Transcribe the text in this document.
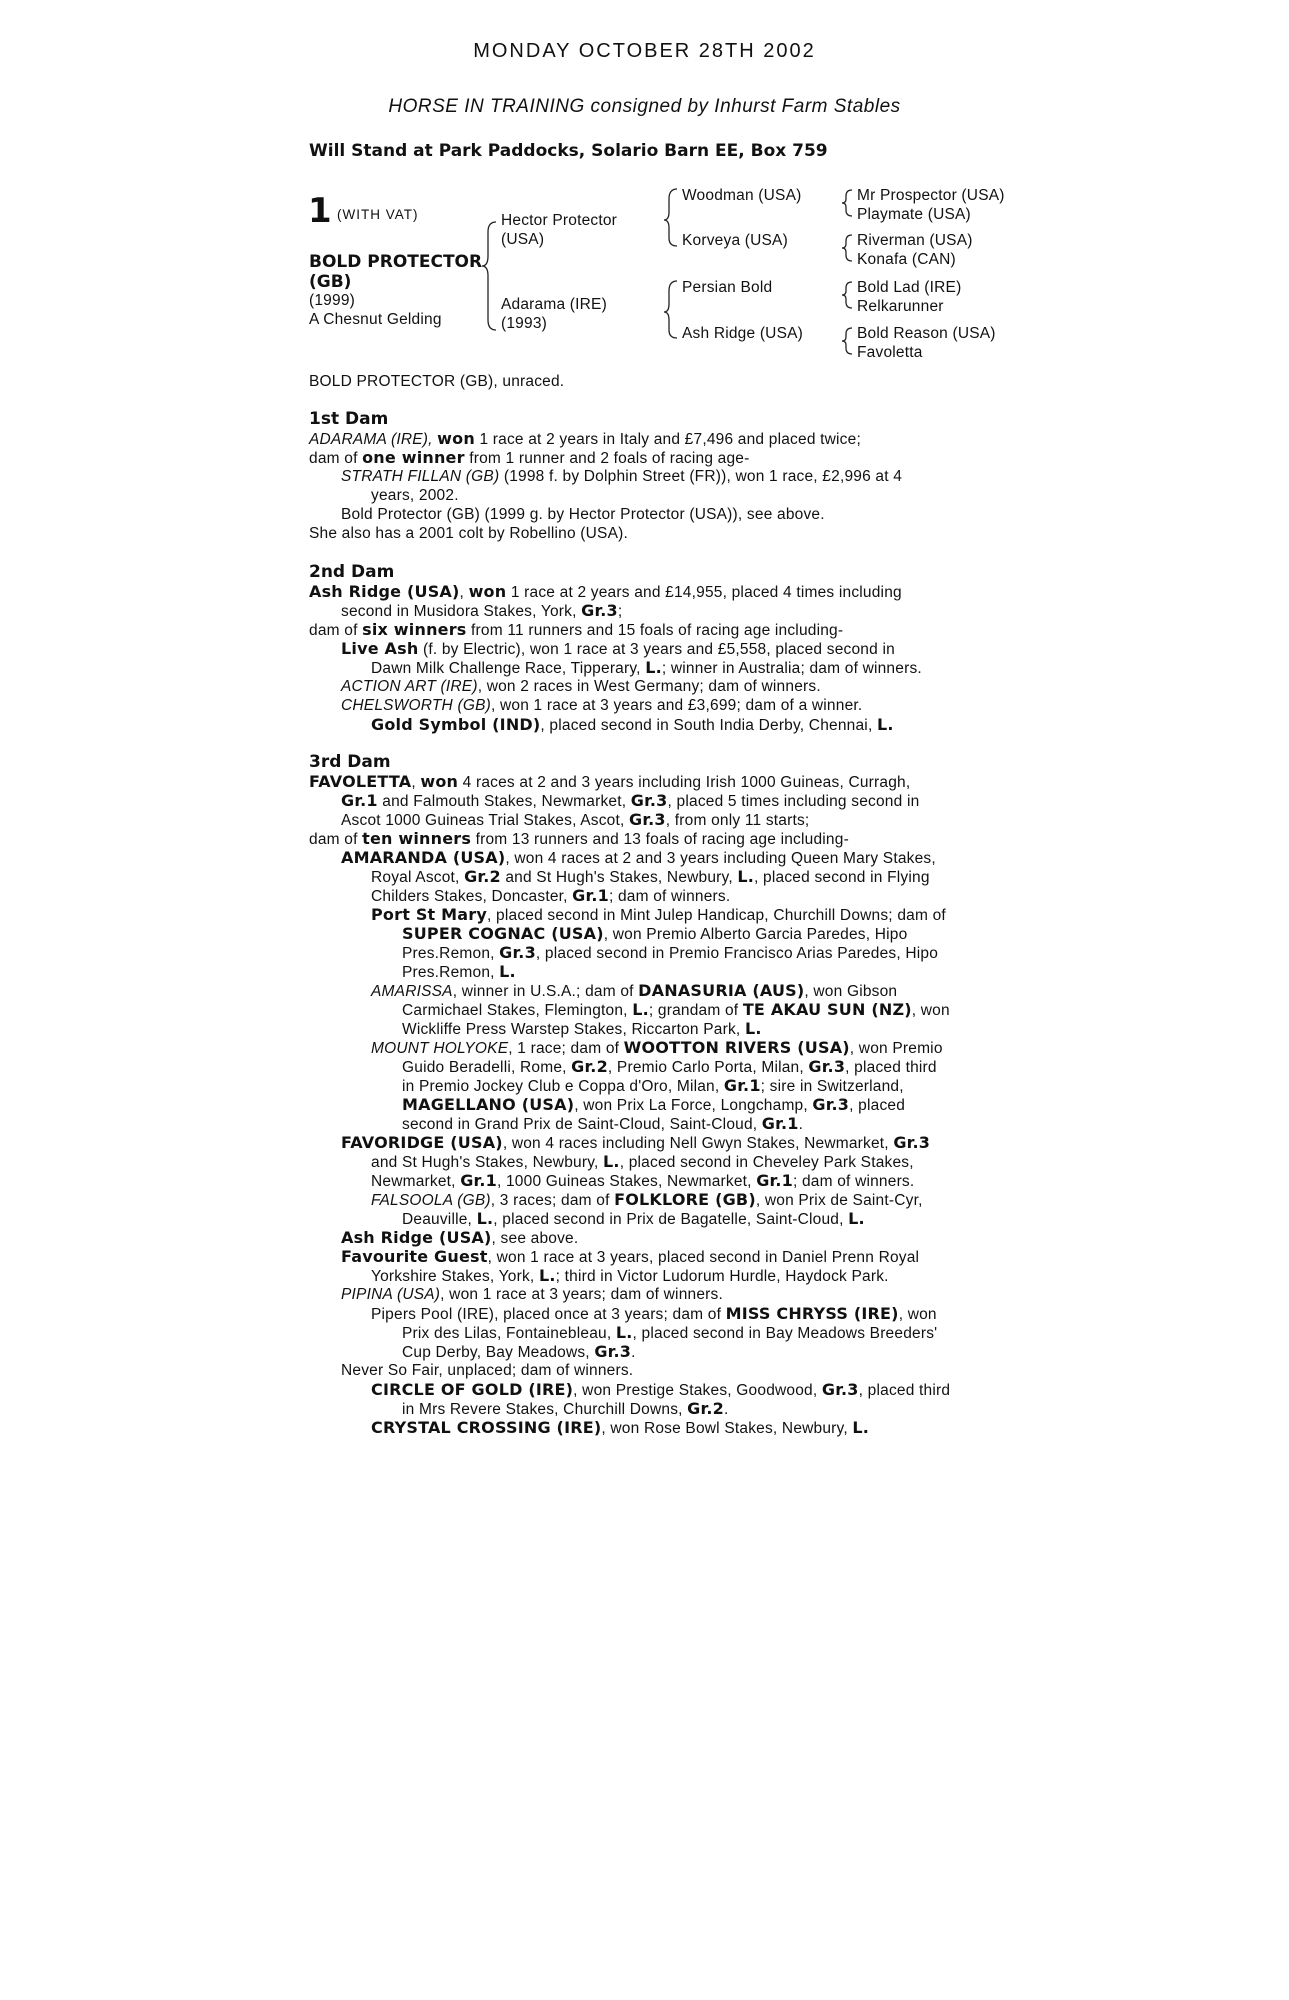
MONDAY OCTOBER 28TH 2002
HORSE IN TRAINING consigned by Inhurst Farm Stables
Will Stand at Park Paddocks, Solario Barn EE, Box 759
1 (WITH VAT)
BOLD PROTECTOR
(GB)
(1999)
A Chesnut Gelding
Hector Protector
(USA)
Adarama (IRE)
(1993)
Woodman (USA)
Korveya (USA)
Persian Bold
Ash Ridge (USA)
Mr Prospector (USA)
Playmate (USA)
Riverman (USA)
Konafa (CAN)
Bold Lad (IRE)
Relkarunner
Bold Reason (USA)
Favoletta
BOLD PROTECTOR (GB), unraced.
1st Dam
ADARAMA (IRE), won 1 race at 2 years in Italy and £7,496 and placed twice;
dam of one winner from 1 runner and 2 foals of racing age-
STRATH FILLAN (GB) (1998 f. by Dolphin Street (FR)), won 1 race, £2,996 at 4
years, 2002.
Bold Protector (GB) (1999 g. by Hector Protector (USA)), see above.
She also has a 2001 colt by Robellino (USA).
2nd Dam
Ash Ridge (USA), won 1 race at 2 years and £14,955, placed 4 times including
second in Musidora Stakes, York, Gr.3;
dam of six winners from 11 runners and 15 foals of racing age including-
Live Ash (f. by Electric), won 1 race at 3 years and £5,558, placed second in
Dawn Milk Challenge Race, Tipperary, L.; winner in Australia; dam of winners.
ACTION ART (IRE), won 2 races in West Germany; dam of winners.
CHELSWORTH (GB), won 1 race at 3 years and £3,699; dam of a winner.
Gold Symbol (IND), placed second in South India Derby, Chennai, L.
3rd Dam
FAVOLETTA, won 4 races at 2 and 3 years including Irish 1000 Guineas, Curragh,
Gr.1 and Falmouth Stakes, Newmarket, Gr.3, placed 5 times including second in
Ascot 1000 Guineas Trial Stakes, Ascot, Gr.3, from only 11 starts;
dam of ten winners from 13 runners and 13 foals of racing age including-
AMARANDA (USA), won 4 races at 2 and 3 years including Queen Mary Stakes,
Royal Ascot, Gr.2 and St Hugh's Stakes, Newbury, L., placed second in Flying
Childers Stakes, Doncaster, Gr.1; dam of winners.
Port St Mary, placed second in Mint Julep Handicap, Churchill Downs; dam of
SUPER COGNAC (USA), won Premio Alberto Garcia Paredes, Hipo
Pres.Remon, Gr.3, placed second in Premio Francisco Arias Paredes, Hipo
Pres.Remon, L.
AMARISSA, winner in U.S.A.; dam of DANASURIA (AUS), won Gibson
Carmichael Stakes, Flemington, L.; grandam of TE AKAU SUN (NZ), won
Wickliffe Press Warstep Stakes, Riccarton Park, L.
MOUNT HOLYOKE, 1 race; dam of WOOTTON RIVERS (USA), won Premio
Guido Beradelli, Rome, Gr.2, Premio Carlo Porta, Milan, Gr.3, placed third
in Premio Jockey Club e Coppa d'Oro, Milan, Gr.1; sire in Switzerland,
MAGELLANO (USA), won Prix La Force, Longchamp, Gr.3, placed
second in Grand Prix de Saint-Cloud, Saint-Cloud, Gr.1.
FAVORIDGE (USA), won 4 races including Nell Gwyn Stakes, Newmarket, Gr.3
and St Hugh's Stakes, Newbury, L., placed second in Cheveley Park Stakes,
Newmarket, Gr.1, 1000 Guineas Stakes, Newmarket, Gr.1; dam of winners.
FALSOOLA (GB), 3 races; dam of FOLKLORE (GB), won Prix de Saint-Cyr,
Deauville, L., placed second in Prix de Bagatelle, Saint-Cloud, L.
Ash Ridge (USA), see above.
Favourite Guest, won 1 race at 3 years, placed second in Daniel Prenn Royal
Yorkshire Stakes, York, L.; third in Victor Ludorum Hurdle, Haydock Park.
PIPINA (USA), won 1 race at 3 years; dam of winners.
Pipers Pool (IRE), placed once at 3 years; dam of MISS CHRYSS (IRE), won
Prix des Lilas, Fontainebleau, L., placed second in Bay Meadows Breeders'
Cup Derby, Bay Meadows, Gr.3.
Never So Fair, unplaced; dam of winners.
CIRCLE OF GOLD (IRE), won Prestige Stakes, Goodwood, Gr.3, placed third
in Mrs Revere Stakes, Churchill Downs, Gr.2.
CRYSTAL CROSSING (IRE), won Rose Bowl Stakes, Newbury, L.
